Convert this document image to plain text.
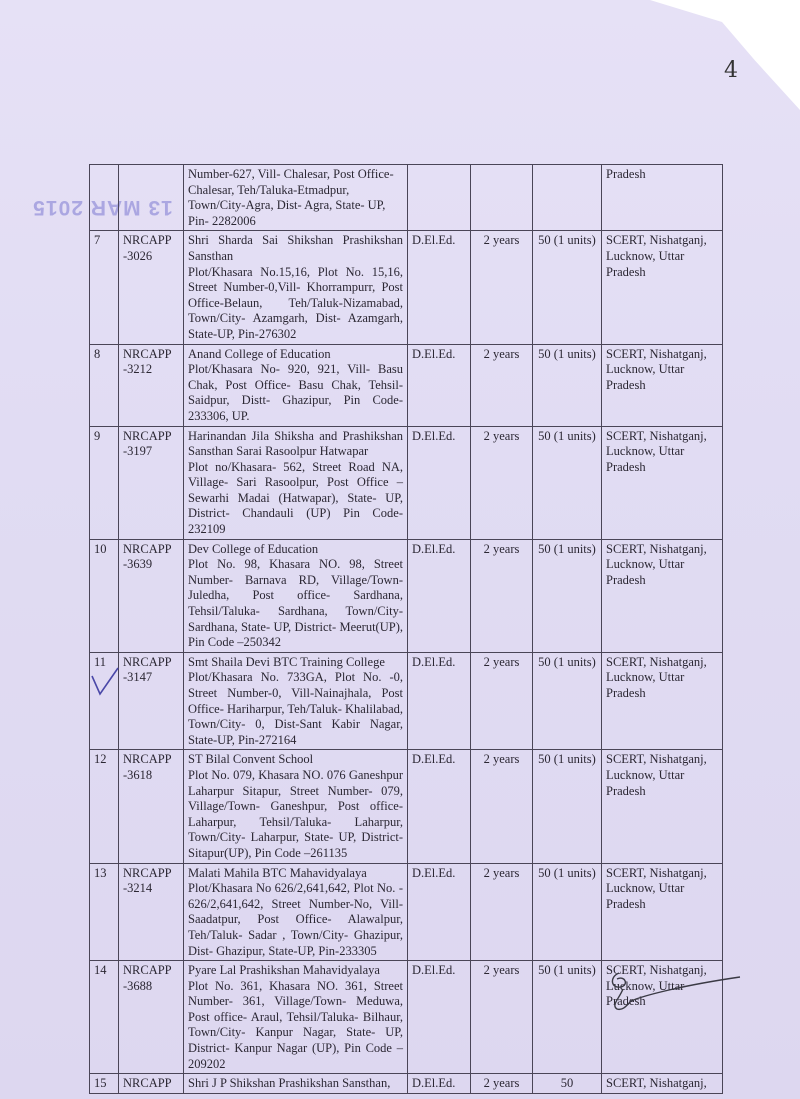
4
13 MAR 2015

		Number-627, Vill- Chalesar, Post Office-
Chalesar, Teh/Taluka-Etmadpur,
Town/City-Agra, Dist- Agra, State- UP,
Pin- 2282006				Pradesh
7	NRCAPP -3026	Shri Sharda Sai Shikshan Prashikshan Sansthan
Plot/Khasara No.15,16, Plot No. 15,16, Street Number-0,Vill- Khorrampurr, Post Office-Belaun, Teh/Taluk-Nizamabad, Town/City- Azamgarh, Dist- Azamgarh, State-UP, Pin-276302	D.El.Ed.	2 years	50 (1 units)	SCERT, Nishatganj, Lucknow, Uttar Pradesh
8	NRCAPP -3212	Anand College of Education
Plot/Khasara No- 920, 921, Vill- Basu Chak, Post Office- Basu Chak, Tehsil- Saidpur, Distt- Ghazipur, Pin Code-233306, UP.	D.El.Ed.	2 years	50 (1 units)	SCERT, Nishatganj, Lucknow, Uttar Pradesh
9	NRCAPP -3197	Harinandan Jila Shiksha and Prashikshan Sansthan Sarai Rasoolpur Hatwapar
Plot no/Khasara- 562, Street Road NA, Village- Sari Rasoolpur, Post Office – Sewarhi Madai (Hatwapar), State- UP, District- Chandauli (UP) Pin Code- 232109	D.El.Ed.	2 years	50 (1 units)	SCERT, Nishatganj, Lucknow, Uttar Pradesh
10	NRCAPP -3639	Dev College of Education
Plot No. 98, Khasara NO. 98, Street Number- Barnava RD, Village/Town- Juledha, Post office- Sardhana, Tehsil/Taluka- Sardhana, Town/City- Sardhana, State- UP, District- Meerut(UP), Pin Code –250342	D.El.Ed.	2 years	50 (1 units)	SCERT, Nishatganj, Lucknow, Uttar Pradesh
11	NRCAPP -3147	Smt Shaila Devi BTC Training College
Plot/Khasara No. 733GA, Plot No. -0, Street Number-0, Vill-Nainajhala, Post Office- Hariharpur, Teh/Taluk- Khalilabad, Town/City- 0, Dist-Sant Kabir Nagar, State-UP, Pin-272164	D.El.Ed.	2 years	50 (1 units)	SCERT, Nishatganj, Lucknow, Uttar Pradesh
12	NRCAPP -3618	ST Bilal Convent School
Plot No. 079, Khasara NO. 076 Ganeshpur Laharpur Sitapur, Street Number- 079, Village/Town- Ganeshpur, Post office- Laharpur, Tehsil/Taluka- Laharpur, Town/City- Laharpur, State- UP, District- Sitapur(UP), Pin Code –261135	D.El.Ed.	2 years	50 (1 units)	SCERT, Nishatganj, Lucknow, Uttar Pradesh
13	NRCAPP -3214	Malati Mahila BTC Mahavidyalaya
Plot/Khasara No 626/2,641,642, Plot No. - 626/2,641,642, Street Number-No, Vill- Saadatpur, Post Office- Alawalpur, Teh/Taluk- Sadar , Town/City- Ghazipur, Dist- Ghazipur, State-UP, Pin-233305	D.El.Ed.	2 years	50 (1 units)	SCERT, Nishatganj, Lucknow, Uttar Pradesh
14	NRCAPP -3688	Pyare Lal Prashikshan Mahavidyalaya
Plot No. 361, Khasara NO. 361, Street Number- 361, Village/Town- Meduwa, Post office- Araul, Tehsil/Taluka- Bilhaur, Town/City- Kanpur Nagar, State- UP, District- Kanpur Nagar (UP), Pin Code – 209202	D.El.Ed.	2 years	50 (1 units)	SCERT, Nishatganj, Lucknow, Uttar Pradesh
15	NRCAPP	Shri J P Shikshan Prashikshan Sansthan,	D.El.Ed.	2 years	50	SCERT, Nishatganj,
